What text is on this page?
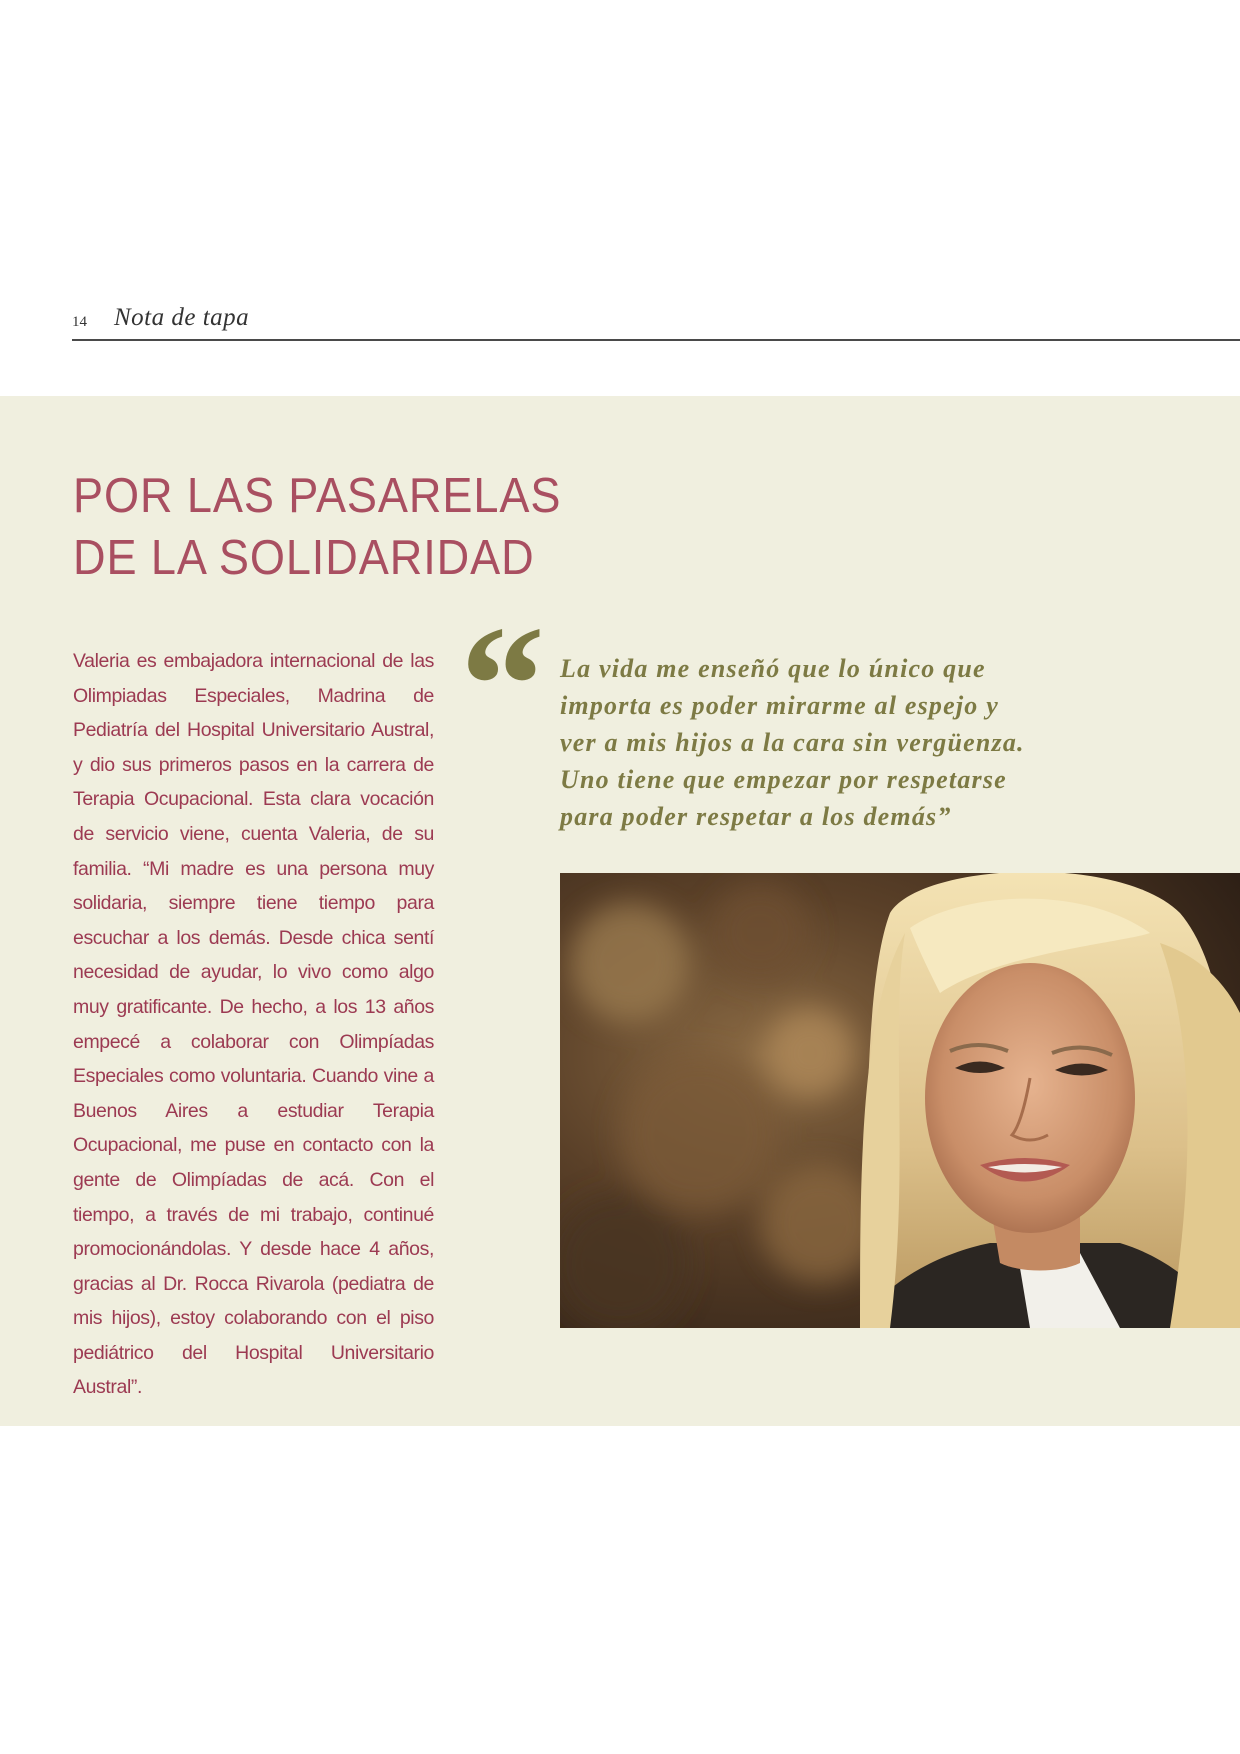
14 Nota de tapa
POR LAS PASARELAS
DE LA SOLIDARIDAD

Valeria es embajadora internacional de las Olimpiadas Especiales, Madrina de Pediatría del Hospital Universitario Austral, y dio sus primeros pasos en la carrera de Terapia Ocupacional. Esta clara vocación de servicio viene, cuenta Valeria, de su familia. “Mi madre es una persona muy solidaria, siempre tiene tiempo para escuchar a los demás. Desde chica sentí necesidad de ayudar, lo vivo como algo muy gratificante. De hecho, a los 13 años empecé a colaborar con Olimpíadas Especiales como voluntaria. Cuando vine a Buenos Aires a estudiar Terapia Ocupacional, me puse en contacto con la gente de Olimpíadas de acá. Con el tiempo, a través de mi trabajo, continué promocionándolas. Y desde hace 4 años, gracias al Dr. Rocca Rivarola (pediatra de mis hijos), estoy colaborando con el piso pediátrico del Hospital Universitario Austral”.

“ La vida me enseñó que lo único que
importa es poder mirarme al espejo y
ver a mis hijos a la cara sin vergüenza.
Uno tiene que empezar por respetarse
para poder respetar a los demás”
